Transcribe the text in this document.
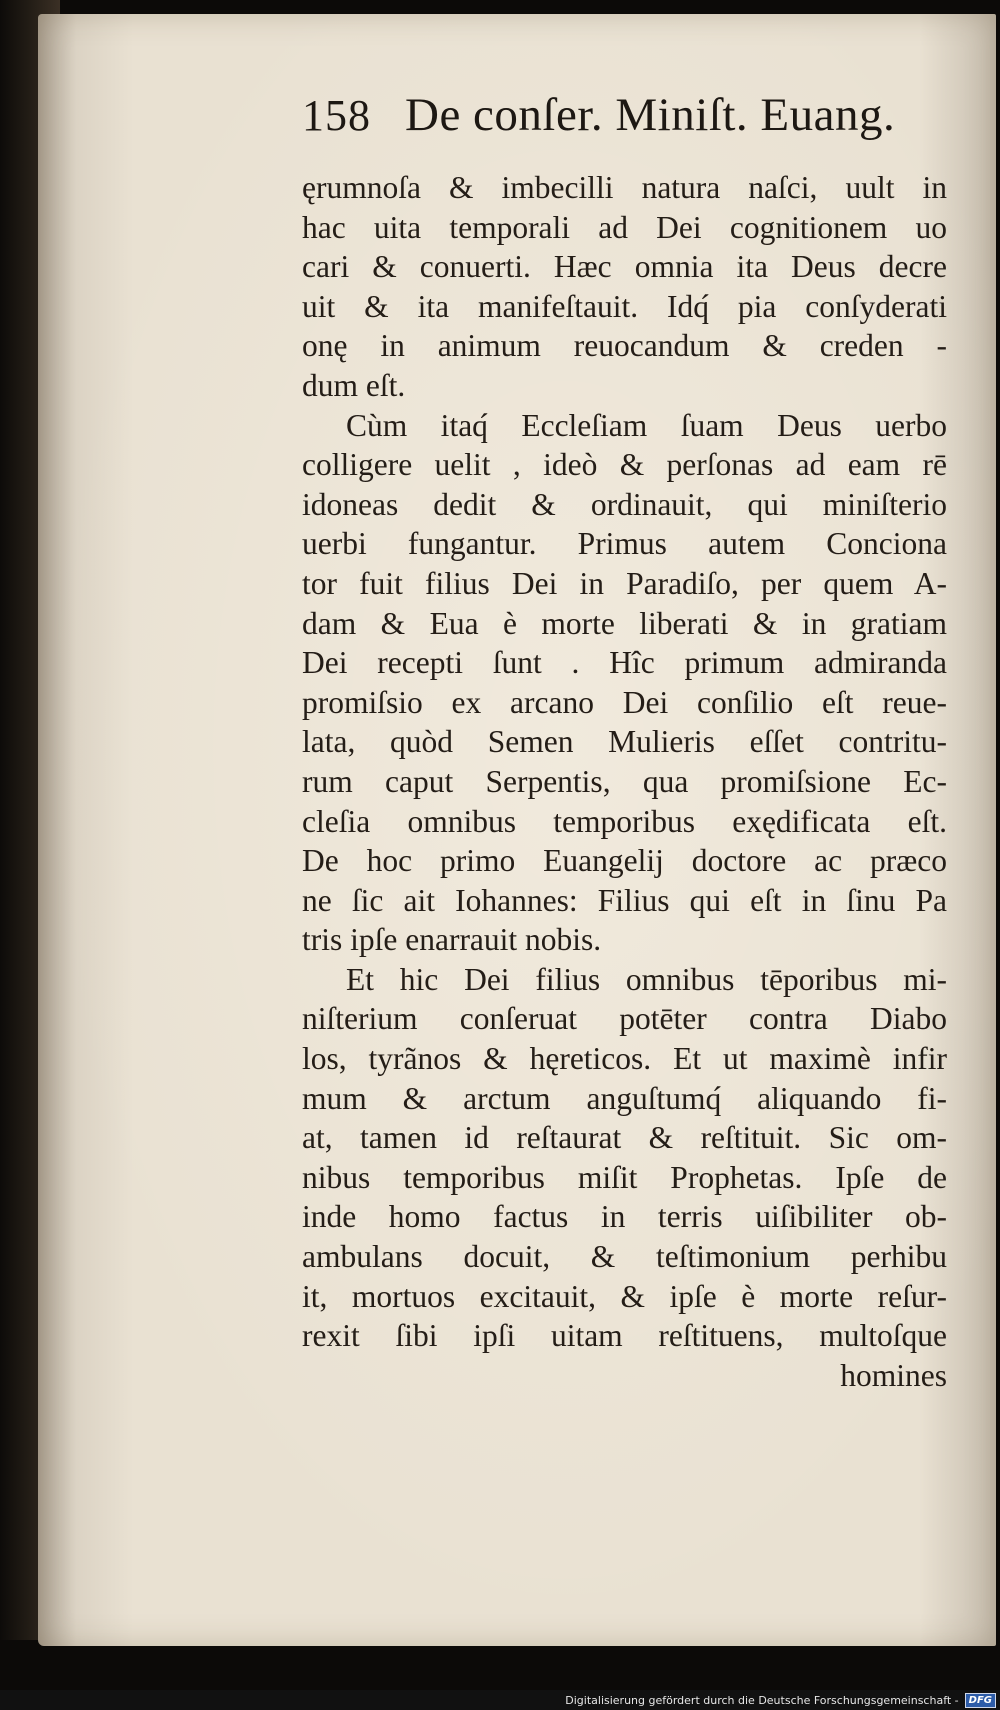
158 De conſer. Miniſt. Euang.
ęrumnoſa & imbecilli natura naſci, uult in
hac uita temporali ad Dei cognitionem uo
cari & conuerti. Hæc omnia ita Deus decre
uit & ita manifeſtauit. Idq́ pia conſyderati
onę in animum reuocandum & creden -
dum eſt.
Cùm itaq́ Eccleſiam ſuam Deus uerbo
colligere uelit , ideò & perſonas ad eam rē
idoneas dedit & ordinauit, qui miniſterio
uerbi fungantur. Primus autem Conciona
tor fuit filius Dei in Paradiſo, per quem A-
dam & Eua è morte liberati & in gratiam
Dei recepti ſunt . Hîc primum admiranda
promiſsio ex arcano Dei conſilio eſt reue-
lata, quòd Semen Mulieris eſſet contritu-
rum caput Serpentis, qua promiſsione Ec-
cleſia omnibus temporibus exędificata eſt.
De hoc primo Euangelij doctore ac præco
ne ſic ait Iohannes: Filius qui eſt in ſinu Pa
tris ipſe enarrauit nobis.
Et hic Dei filius omnibus tēporibus mi-
niſterium conſeruat potēter contra Diabo
los, tyrãnos & hęreticos. Et ut maximè infir
mum & arctum anguſtumq́ aliquando fi-
at, tamen id reſtaurat & reſtituit. Sic om-
nibus temporibus miſit Prophetas. Ipſe de
inde homo factus in terris uiſibiliter ob-
ambulans docuit, & teſtimonium perhibu
it, mortuos excitauit, & ipſe è morte reſur-
rexit ſibi ipſi uitam reſtituens, multoſque
homines
Digitalisierung gefördert durch die Deutsche Forschungsgemeinschaft -	DFG
